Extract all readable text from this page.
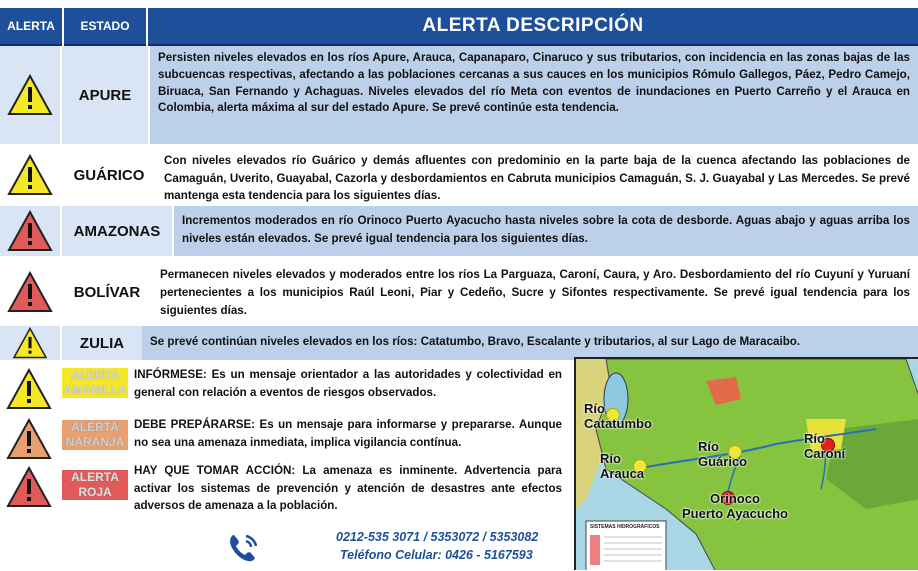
ALERTA	ESTADO	ALERTA DESCRIPCIÓN
APURE
Persisten niveles elevados en los ríos Apure, Arauca, Capanaparo, Cinaruco y sus tributarios, con incidencia en las zonas bajas de las subcuencas respectivas, afectando a las poblaciones cercanas a sus cauces en los municipios Rómulo Gallegos, Páez, Pedro Camejo, Biruaca, San Fernando y Achaguas. Niveles elevados del río Meta con eventos de inundaciones en Puerto Carreño y el Arauca en Colombia, alerta máxima al sur del estado Apure. Se prevé continúe esta tendencia.
GUÁRICO
Con niveles elevados río Guárico y demás afluentes con predominio en la parte baja de la cuenca afectando las poblaciones de Camaguán, Uverito, Guayabal, Cazorla y desbordamientos en Cabruta municipios Camaguán, S. J. Guayabal y Las Mercedes. Se prevé mantenga esta tendencia para los siguientes días.
AMAZONAS
Incrementos moderados en río Orinoco Puerto Ayacucho hasta niveles sobre la cota de desborde. Aguas abajo y aguas arriba los niveles están elevados. Se prevé igual tendencia para los siguientes días.
BOLÍVAR
Permanecen niveles elevados y moderados entre los ríos La Parguaza, Caroní, Caura, y Aro. Desbordamiento del río Cuyuní y Yuruaní pertenecientes a los municipios Raúl Leoni, Piar y Cedeño, Sucre y Sifontes respectivamente. Se prevé igual tendencia para los siguientes días.
ZULIA	Se prevé continúan niveles elevados en los ríos: Catatumbo, Bravo, Escalante y tributarios, al sur Lago de Maracaibo.
ALERTA AMARILLA
INFÓRMESE: Es un mensaje orientador a las autoridades y colectividad en general con relación a eventos de riesgos observados.
ALERTA NARANJA
DEBE PREPÁRARSE: Es un mensaje para informarse y prepararse. Aunque no sea una amenaza inmediata, implica vigilancia contínua.
ALERTA ROJA
HAY QUE TOMAR ACCIÓN: La amenaza es inminente. Advertencia para activar los sistemas de prevención y atención de desastres ante efectos adversos de amenaza a la población.
0212-535 3071 / 5353072 / 5353082
Teléfono Celular: 0426 - 5167593
SISTEMAS HIDROGRÁFICOS
Río
Catatumbo
Río
Guárico
Río
Caroní
Río
Arauca
Orinoco
Puerto Ayacucho
